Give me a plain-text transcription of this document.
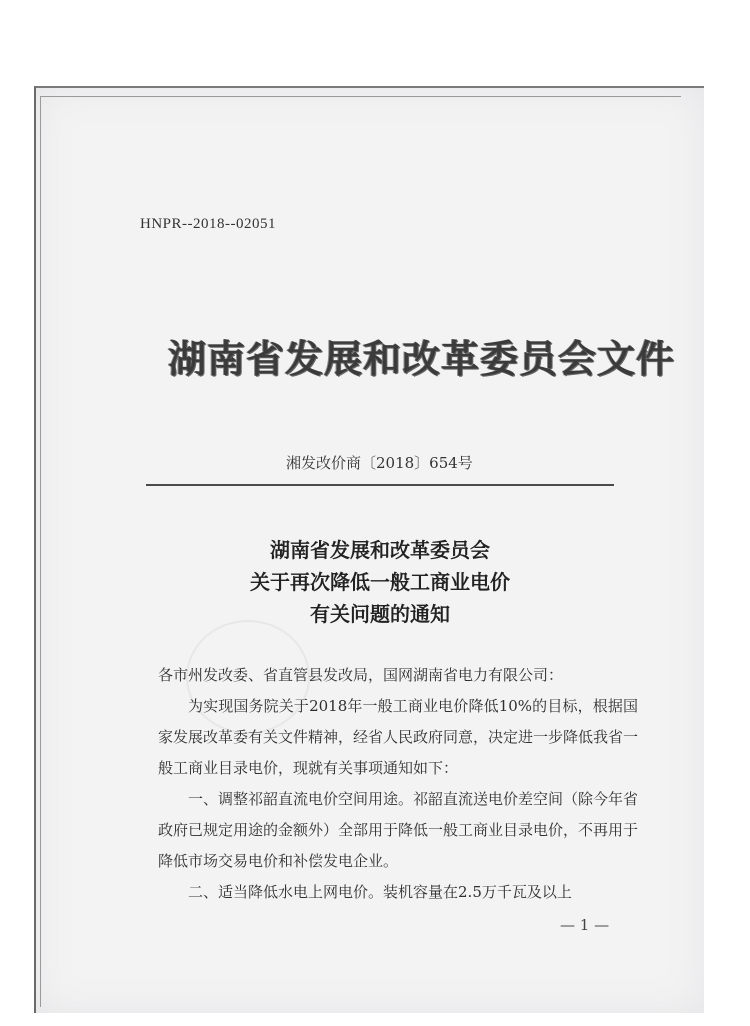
HNPR--2018--02051
湖南省发展和改革委员会文件
湘发改价商〔2018〕654号
湖南省发展和改革委员会
关于再次降低一般工商业电价
有关问题的通知

各市州发改委、省直管县发改局，国网湖南省电力有限公司：

为实现国务院关于2018年一般工商业电价降低10%的目标，根据国家发展改革委有关文件精神，经省人民政府同意，决定进一步降低我省一般工商业目录电价，现就有关事项通知如下：

一、调整祁韶直流电价空间用途。祁韶直流送电价差空间（除今年省政府已规定用途的金额外）全部用于降低一般工商业目录电价，不再用于降低市场交易电价和补偿发电企业。

二、适当降低水电上网电价。装机容量在2.5万千瓦及以上

— 1 —
